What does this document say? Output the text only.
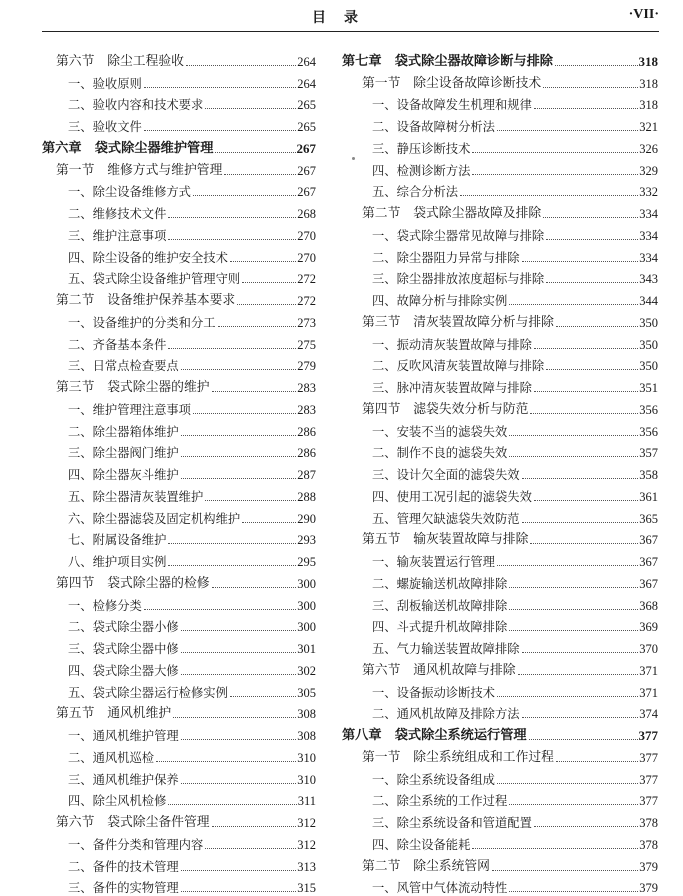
目录	·VII·
第六节　除尘工程验收	264
一、验收原则	264
二、验收内容和技术要求	265
三、验收文件	265
第六章　袋式除尘器维护管理	267
第一节　维修方式与维护管理	267
一、除尘设备维修方式	267
二、维修技术文件	268
三、维护注意事项	270
四、除尘设备的维护安全技术	270
五、袋式除尘设备维护管理守则	272
第二节　设备维护保养基本要求	272
一、设备维护的分类和分工	273
二、齐备基本条件	275
三、日常点检查要点	279
第三节　袋式除尘器的维护	283
一、维护管理注意事项	283
二、除尘器箱体维护	286
三、除尘器阀门维护	286
四、除尘器灰斗维护	287
五、除尘器清灰装置维护	288
六、除尘器滤袋及固定机构维护	290
七、附属设备维护	293
八、维护项目实例	295
第四节　袋式除尘器的检修	300
一、检修分类	300
二、袋式除尘器小修	300
三、袋式除尘器中修	301
四、袋式除尘器大修	302
五、袋式除尘器运行检修实例	305
第五节　通风机维护	308
一、通风机维护管理	308
二、通风机巡检	310
三、通风机维护保养	310
四、除尘风机检修	311
第六节　袋式除尘备件管理	312
一、备件分类和管理内容	312
二、备件的技术管理	313
三、备件的实物管理	315
第七章　袋式除尘器故障诊断与排除	318
第一节　除尘设备故障诊断技术	318
一、设备故障发生机理和规律	318
二、设备故障树分析法	321
三、静压诊断技术	326
四、检测诊断方法	329
五、综合分析法	332
第二节　袋式除尘器故障及排除	334
一、袋式除尘器常见故障与排除	334
二、除尘器阻力异常与排除	334
三、除尘器排放浓度超标与排除	343
四、故障分析与排除实例	344
第三节　清灰装置故障分析与排除	350
一、振动清灰装置故障与排除	350
二、反吹风清灰装置故障与排除	350
三、脉冲清灰装置故障与排除	351
第四节　滤袋失效分析与防范	356
一、安装不当的滤袋失效	356
二、制作不良的滤袋失效	357
三、设计欠全面的滤袋失效	358
四、使用工况引起的滤袋失效	361
五、管理欠缺滤袋失效防范	365
第五节　输灰装置故障与排除	367
一、输灰装置运行管理	367
二、螺旋输送机故障排除	367
三、刮板输送机故障排除	368
四、斗式提升机故障排除	369
五、气力输送装置故障排除	370
第六节　通风机故障与排除	371
一、设备振动诊断技术	371
二、通风机故障及排除方法	374
第八章　袋式除尘系统运行管理	377
第一节　除尘系统组成和工作过程	377
一、除尘系统设备组成	377
二、除尘系统的工作过程	377
三、除尘系统设备和管道配置	378
四、除尘设备能耗	378
第二节　除尘系统管网	379
一、风管中气体流动特性	379
